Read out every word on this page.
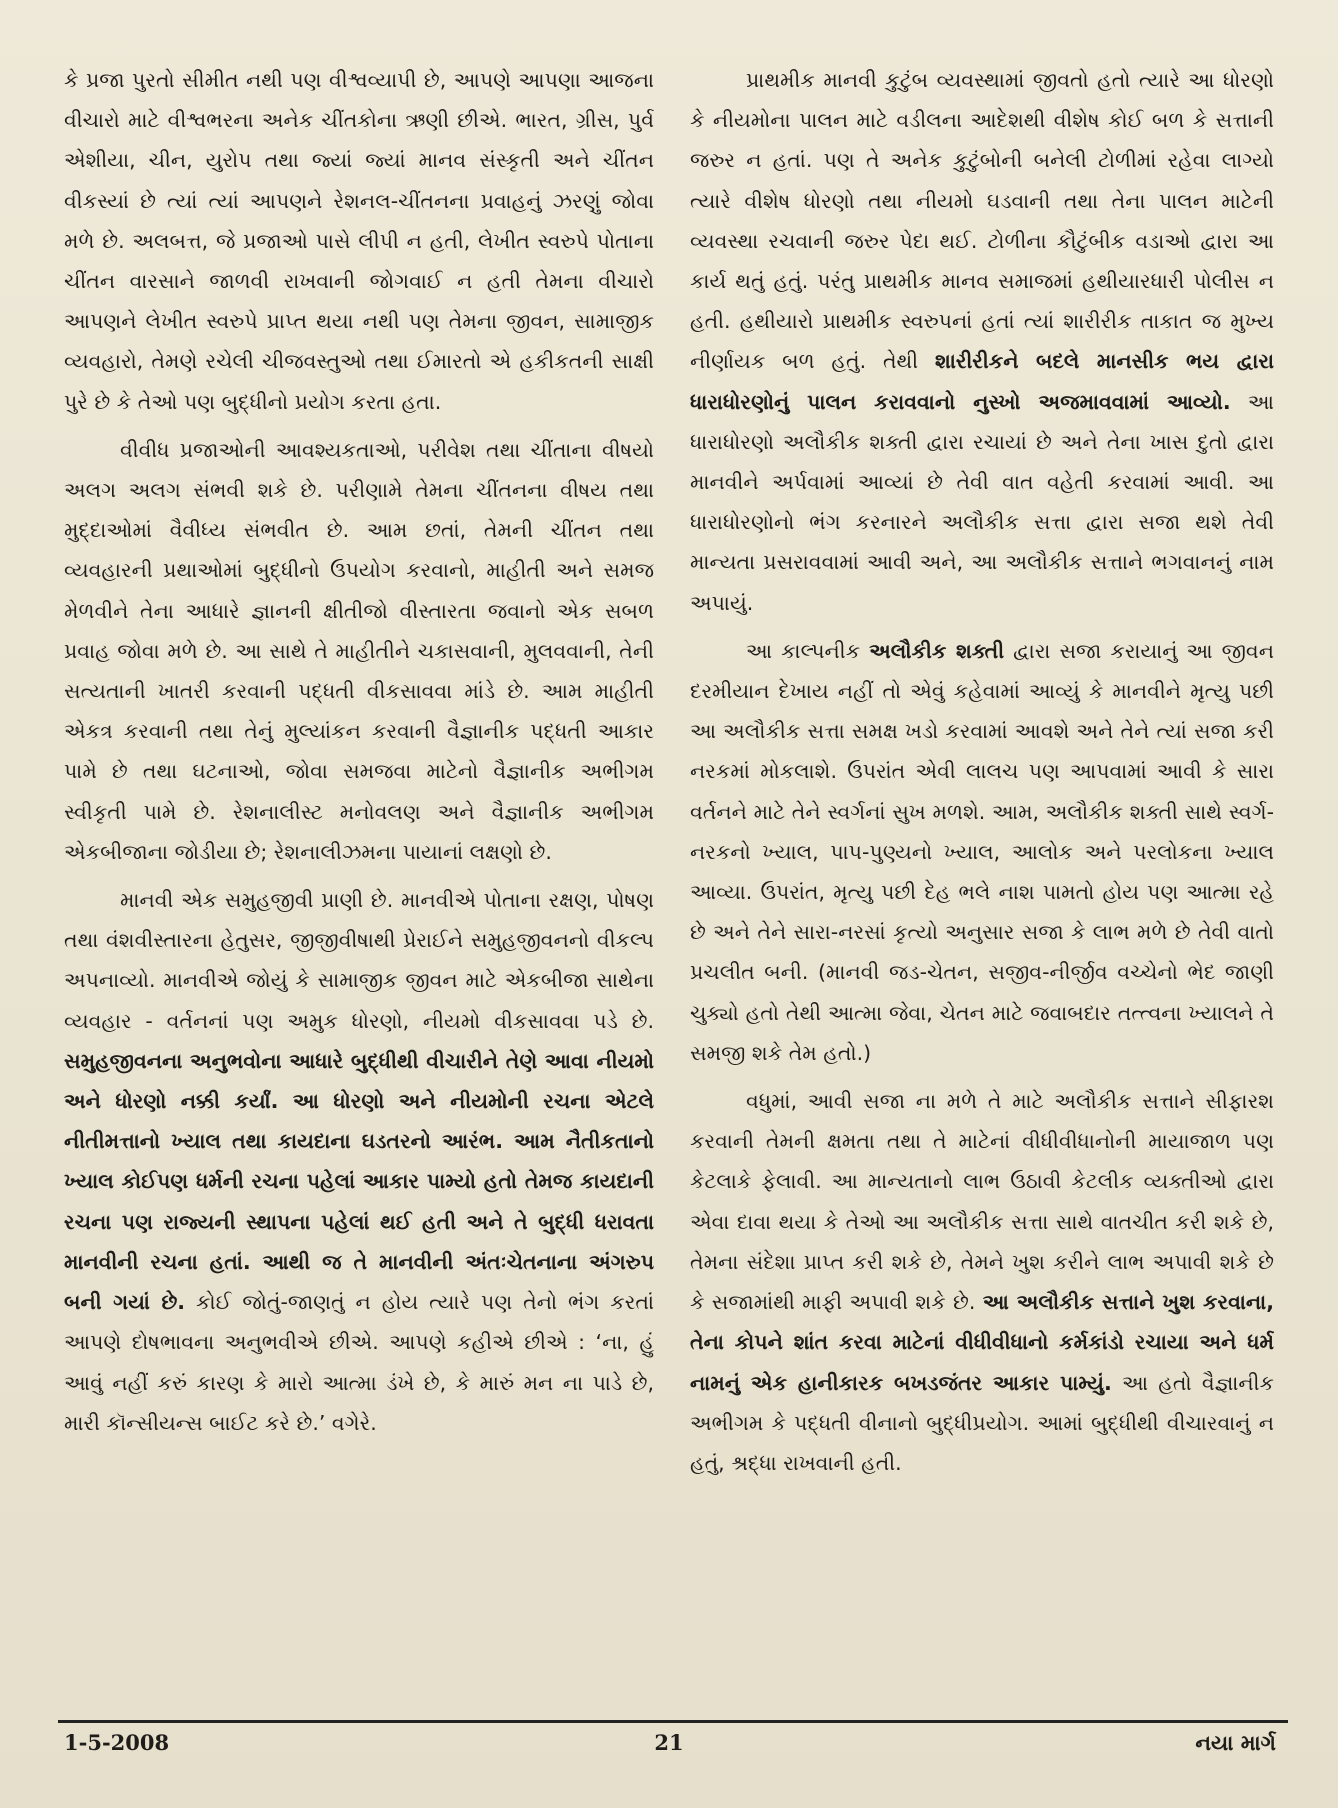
કે પ્રજા પુરતો સીમીત નથી પણ વીશ્વવ્યાપી છે, આપણે આપણા આજના વીચારો માટે વીશ્વભરના અનેક ચીંતકોના ઋણી છીએ. ભારત, ગ્રીસ, પુર્વ એશીયા, ચીન, યુરોપ તથા જ્યાં જ્યાં માનવ સંસ્કૃતી અને ચીંતન વીકસ્યાં છે ત્યાં ત્યાં આપણને રેશનલ-ચીંતનના પ્રવાહનું ઝરણું જોવા મળે છે. અલબત્ત, જે પ્રજાઓ પાસે લીપી ન હતી, લેખીત સ્વરુપે પોતાના ચીંતન વારસાને જાળવી રાખવાની જોગવાઈ ન હતી તેમના વીચારો આપણને લેખીત સ્વરુપે પ્રાપ્ત થયા નથી પણ તેમના જીવન, સામાજીક વ્યવહારો, તેમણે રચેલી ચીજવસ્તુઓ તથા ઈમારતો એ હકીકતની સાક્ષી પુરે છે કે તેઓ પણ બુદ્ધીનો પ્રયોગ કરતા હતા.

વીવીધ પ્રજાઓની આવશ્યકતાઓ, પરીવેશ તથા ચીંતાના વીષયો અલગ અલગ સંભવી શકે છે. પરીણામે તેમના ચીંતનના વીષય તથા મુદ્દાઓમાં વૈવીધ્ય સંભવીત છે. આમ છતાં, તેમની ચીંતન તથા વ્યવહારની પ્રથાઓમાં બુદ્ધીનો ઉપયોગ કરવાનો, માહીતી અને સમજ મેળવીને તેના આધારે જ્ઞાનની ક્ષીતીજો વીસ્તારતા જવાનો એક સબળ પ્રવાહ જોવા મળે છે. આ સાથે તે માહીતીને ચકાસવાની, મુલવવાની, તેની સત્યતાની ખાતરી કરવાની પદ્ધતી વીકસાવવા માંડે છે. આમ માહીતી એકત્ર કરવાની તથા તેનું મુલ્યાંકન કરવાની વૈજ્ઞાનીક પદ્ધતી આકાર પામે છે તથા ઘટનાઓ, જોવા સમજવા માટેનો વૈજ્ઞાનીક અભીગમ સ્વીકૃતી પામે છે. રેશનાલીસ્ટ મનોવલણ અને વૈજ્ઞાનીક અભીગમ એકબીજાના જોડીયા છે; રેશનાલીઝમના પાયાનાં લક્ષણો છે.

માનવી એક સમુહજીવી પ્રાણી છે. માનવીએ પોતાના રક્ષણ, પોષણ તથા વંશવીસ્તારના હેતુસર, જીજીવીષાથી પ્રેરાઈને સમુહજીવનનો વીકલ્પ અપનાવ્યો. માનવીએ જોયું કે સામાજીક જીવન માટે એકબીજા સાથેના વ્યવહાર - વર્તનનાં પણ અમુક ધોરણો, નીયમો વીકસાવવા પડે છે. સમુહજીવનના અનુભવોના આધારે બુદ્ધીથી વીચારીને તેણે આવા નીયમો અને ધોરણો નક્કી કર્યાં. આ ધોરણો અને નીયમોની રચના એટલે નીતીમત્તાનો ખ્યાલ તથા કાયદાના ઘડતરનો આરંભ. આમ નૈતીકતાનો ખ્યાલ કોઈપણ ધર્મની રચના પહેલાં આકાર પામ્યો હતો તેમજ કાયદાની રચના પણ રાજ્યની સ્થાપના પહેલાં થઈ હતી અને તે બુદ્ધી ધરાવતા માનવીની રચના હતાં. આથી જ તે માનવીની અંતઃચેતનાના અંગરુપ બની ગયાં છે. કોઈ જોતું-જાણતું ન હોય ત્યારે પણ તેનો ભંગ કરતાં આપણે દોષભાવના અનુભવીએ છીએ. આપણે કહીએ છીએ : ‘ના, હું આવું નહીં કરું કારણ કે મારો આત્મા ડંખે છે, કે મારું મન ના પાડે છે, મારી કૉન્સીયન્સ બાઈટ કરે છે.’ વગેરે.

પ્રાથમીક માનવી કુટુંબ વ્યવસ્થામાં જીવતો હતો ત્યારે આ ધોરણો કે નીયમોના પાલન માટે વડીલના આદેશથી વીશેષ કોઈ બળ કે સત્તાની જરુર ન હતાં. પણ તે અનેક કુટુંબોની બનેલી ટોળીમાં રહેવા લાગ્યો ત્યારે વીશેષ ધોરણો તથા નીયમો ઘડવાની તથા તેના પાલન માટેની વ્યવસ્થા રચવાની જરુર પેદા થઈ. ટોળીના કૌટુંબીક વડાઓ દ્વારા આ કાર્ય થતું હતું. પરંતુ પ્રાથમીક માનવ સમાજમાં હથીયારધારી પોલીસ ન હતી. હથીયારો પ્રાથમીક સ્વરુપનાં હતાં ત્યાં શારીરીક તાકાત જ મુખ્ય નીર્ણાયક બળ હતું. તેથી શારીરીકને બદલે માનસીક ભય દ્વારા ધારાધોરણોનું પાલન કરાવવાનો નુસ્ખો અજમાવવામાં આવ્યો. આ ધારાધોરણો અલૌકીક શક્તી દ્વારા રચાયાં છે અને તેના ખાસ દુતો દ્વારા માનવીને અર્પવામાં આવ્યાં છે તેવી વાત વહેતી કરવામાં આવી. આ ધારાધોરણોનો ભંગ કરનારને અલૌકીક સત્તા દ્વારા સજા થશે તેવી માન્યતા પ્રસરાવવામાં આવી અને, આ અલૌકીક સત્તાને ભગવાનનું નામ અપાયું.

આ કાલ્પનીક અલૌકીક શક્તી દ્વારા સજા કરાયાનું આ જીવન દરમીયાન દેખાય નહીં તો એવું કહેવામાં આવ્યું કે માનવીને મૃત્યુ પછી આ અલૌકીક સત્તા સમક્ષ ખડો કરવામાં આવશે અને તેને ત્યાં સજા કરી નરકમાં મોકલાશે. ઉપરાંત એવી લાલચ પણ આપવામાં આવી કે સારા વર્તનને માટે તેને સ્વર્ગનાં સુખ મળશે. આમ, અલૌકીક શક્તી સાથે સ્વર્ગ-નરકનો ખ્યાલ, પાપ-પુણ્યનો ખ્યાલ, આલોક અને પરલોકના ખ્યાલ આવ્યા. ઉપરાંત, મૃત્યુ પછી દેહ ભલે નાશ પામતો હોય પણ આત્મા રહે છે અને તેને સારા-નરસાં કૃત્યો અનુસાર સજા કે લાભ મળે છે તેવી વાતો પ્રચલીત બની. (માનવી જડ-ચેતન, સજીવ-નીર્જીવ વચ્ચેનો ભેદ જાણી ચુક્યો હતો તેથી આત્મા જેવા, ચેતન માટે જવાબદાર તત્ત્વના ખ્યાલને તે સમજી શકે તેમ હતો.)

વધુમાં, આવી સજા ના મળે તે માટે અલૌકીક સત્તાને સીફારશ કરવાની તેમની ક્ષમતા તથા તે માટેનાં વીધીવીધાનોની માયાજાળ પણ કેટલાકે ફેલાવી. આ માન્યતાનો લાભ ઉઠાવી કેટલીક વ્યક્તીઓ દ્વારા એવા દાવા થયા કે તેઓ આ અલૌકીક સત્તા સાથે વાતચીત કરી શકે છે, તેમના સંદેશા પ્રાપ્ત કરી શકે છે, તેમને ખુશ કરીને લાભ અપાવી શકે છે કે સજામાંથી માફી અપાવી શકે છે. આ અલૌકીક સત્તાને ખુશ કરવાના, તેના કોપને શાંત કરવા માટેનાં વીધીવીધાનો કર્મકાંડો રચાયા અને ધર્મ નામનું એક હાનીકારક બખડજંતર આકાર પામ્યું. આ હતો વૈજ્ઞાનીક અભીગમ કે પદ્ધતી વીનાનો બુદ્ધીપ્રયોગ. આમાં બુદ્ધીથી વીચારવાનું ન હતું, શ્રદ્ધા રાખવાની હતી.

21
1-5-2008	નયા માર્ગ
